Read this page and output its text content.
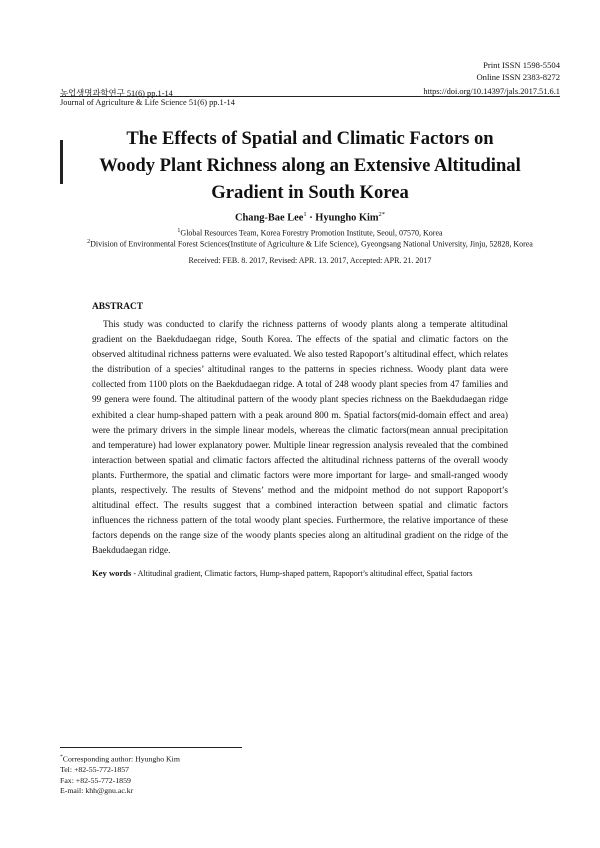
Print ISSN 1598-5504
Online ISSN 2383-8272
농업생명과학연구 51(6) pp.1-14	https://doi.org/10.14397/jals.2017.51.6.1
Journal of Agriculture & Life Science 51(6) pp.1-14
The Effects of Spatial and Climatic Factors on
Woody Plant Richness along an Extensive Altitudinal
Gradient in South Korea
Chang-Bae Lee$^1$ · Hyungho Kim$^{2*}$
$^1$Global Resources Team, Korea Forestry Promotion Institute, Seoul, 07570, Korea
$^2$Division of Environmental Forest Sciences(Institute of Agriculture & Life Science), Gyeongsang National University, Jinju, 52828, Korea
Received: FEB. 8. 2017, Revised: APR. 13. 2017, Accepted: APR. 21. 2017
ABSTRACT

This study was conducted to clarify the richness patterns of woody plants along a temperate altitudinal gradient on the Baekdudaegan ridge, South Korea. The effects of the spatial and climatic factors on the observed altitudinal richness patterns were evaluated. We also tested Rapoport’s altitudinal effect, which relates the distribution of a species’ altitudinal ranges to the patterns in species richness. Woody plant data were collected from 1100 plots on the Baekdudaegan ridge. A total of 248 woody plant species from 47 families and 99 genera were found. The altitudinal pattern of the woody plant species richness on the Baekdudaegan ridge exhibited a clear hump-shaped pattern with a peak around 800 m. Spatial factors(mid-domain effect and area) were the primary drivers in the simple linear models, whereas the climatic factors(mean annual precipitation and temperature) had lower explanatory power. Multiple linear regression analysis revealed that the combined interaction between spatial and climatic factors affected the altitudinal richness patterns of the overall woody plants. Furthermore, the spatial and climatic factors were more important for large- and small-ranged woody plants, respectively. The results of Stevens’ method and the midpoint method do not support Rapoport’s altitudinal effect. The results suggest that a combined interaction between spatial and climatic factors influences the richness pattern of the total woody plant species. Furthermore, the relative importance of these factors depends on the range size of the woody plants species along an altitudinal gradient on the ridge of the Baekdudaegan ridge.

Key words - Altitudinal gradient, Climatic factors, Hump-shaped pattern, Rapoport’s altitudinal effect, Spatial factors
*Corresponding author: Hyungho Kim
Tel: +82-55-772-1857
Fax: +82-55-772-1859
E-mail: khh@gnu.ac.kr
